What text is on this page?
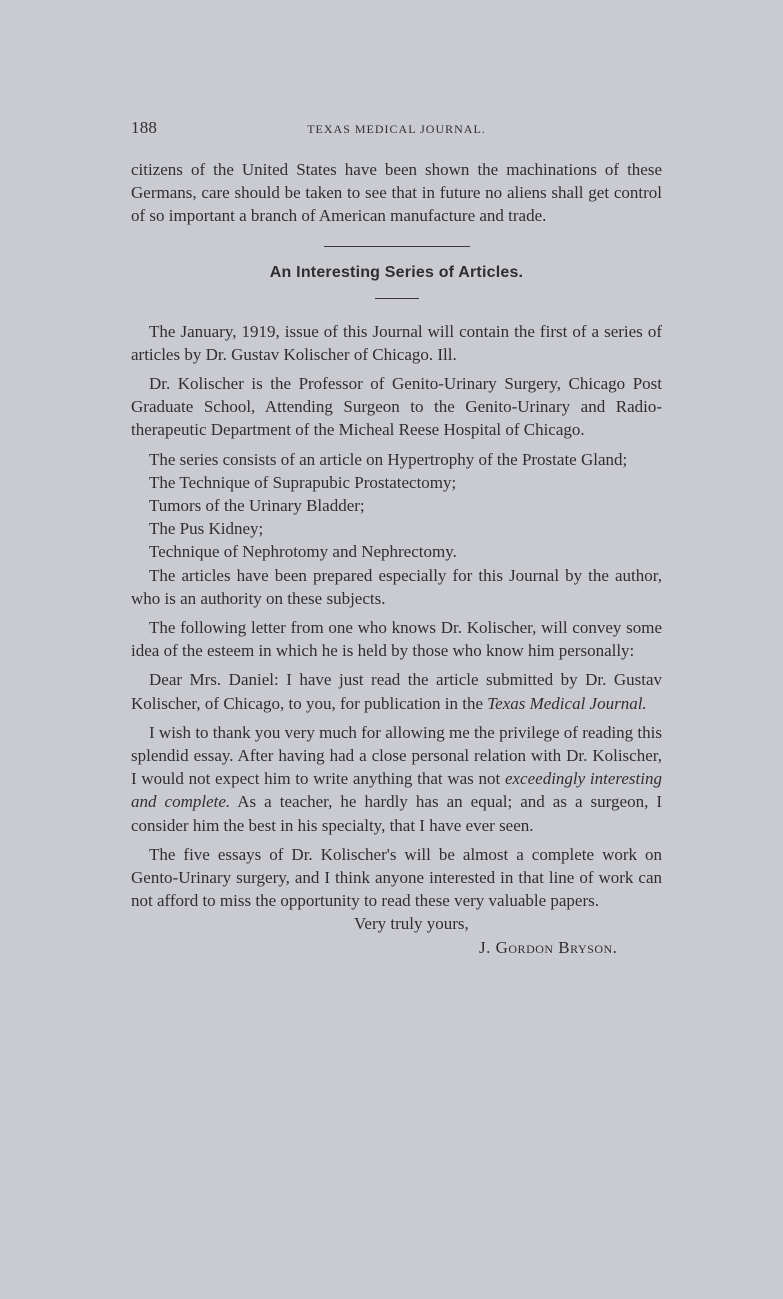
188	TEXAS MEDICAL JOURNAL.

citizens of the United States have been shown the machinations of these Germans, care should be taken to see that in future no aliens shall get control of so important a branch of American manufacture and trade.

An Interesting Series of Articles.

The January, 1919, issue of this Journal will contain the first of a series of articles by Dr. Gustav Kolischer of Chicago. Ill.

Dr. Kolischer is the Professor of Genito-Urinary Surgery, Chicago Post Graduate School, Attending Surgeon to the Genito-Urinary and Radio-therapeutic Department of the Micheal Reese Hospital of Chicago.

The series consists of an article on Hypertrophy of the Prostate Gland;

The Technique of Suprapubic Prostatectomy;

Tumors of the Urinary Bladder;

The Pus Kidney;

Technique of Nephrotomy and Nephrectomy.

The articles have been prepared especially for this Journal by the author, who is an authority on these subjects.

The following letter from one who knows Dr. Kolischer, will convey some idea of the esteem in which he is held by those who know him personally:

Dear Mrs. Daniel: I have just read the article submitted by Dr. Gustav Kolischer, of Chicago, to you, for publication in the Texas Medical Journal.

I wish to thank you very much for allowing me the privilege of reading this splendid essay. After having had a close personal relation with Dr. Kolischer, I would not expect him to write anything that was not exceedingly interesting and complete. As a teacher, he hardly has an equal; and as a surgeon, I consider him the best in his specialty, that I have ever seen.

The five essays of Dr. Kolischer's will be almost a complete work on Gento-Urinary surgery, and I think anyone interested in that line of work can not afford to miss the opportunity to read these very valuable papers.

Very truly yours,

J. Gordon Bryson.
